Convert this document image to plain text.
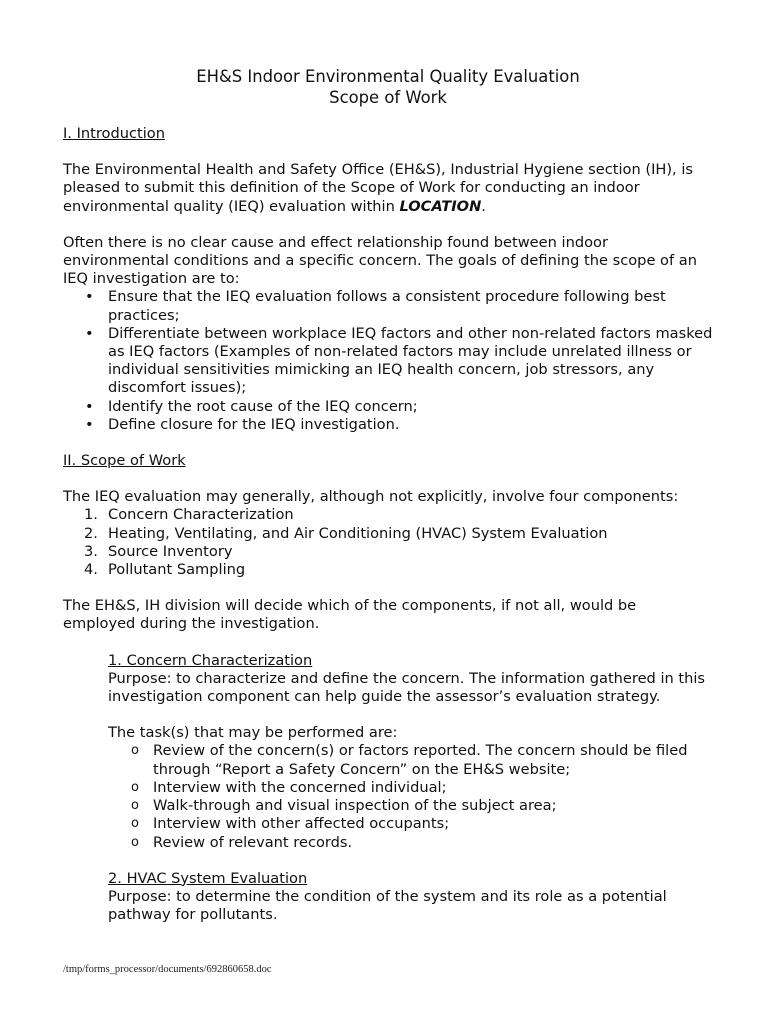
EH&S Indoor Environmental Quality Evaluation
Scope of Work
I. Introduction

The Environmental Health and Safety Office (EH&S), Industrial Hygiene section (IH), is pleased to submit this definition of the Scope of Work for conducting an indoor environmental quality (IEQ) evaluation within LOCATION.

Often there is no clear cause and effect relationship found between indoor environmental conditions and a specific concern. The goals of defining the scope of an IEQ investigation are to:

• Ensure that the IEQ evaluation follows a consistent procedure following best practices;
• Differentiate between workplace IEQ factors and other non-related factors masked as IEQ factors (Examples of non-related factors may include unrelated illness or individual sensitivities mimicking an IEQ health concern, job stressors, any discomfort issues);
• Identify the root cause of the IEQ concern;
• Define closure for the IEQ investigation.
II. Scope of Work

The IEQ evaluation may generally, although not explicitly, involve four components:

1. Concern Characterization
2. Heating, Ventilating, and Air Conditioning (HVAC) System Evaluation
3. Source Inventory
4. Pollutant Sampling

The EH&S, IH division will decide which of the components, if not all, would be employed during the investigation.

1. Concern Characterization

Purpose: to characterize and define the concern. The information gathered in this investigation component can help guide the assessor’s evaluation strategy.

The task(s) that may be performed are:

o Review of the concern(s) or factors reported. The concern should be filed through “Report a Safety Concern” on the EH&S website;
o Interview with the concerned individual;
o Walk-through and visual inspection of the subject area;
o Interview with other affected occupants;
o Review of relevant records.
2. HVAC System Evaluation

Purpose: to determine the condition of the system and its role as a potential pathway for pollutants.

/tmp/forms_processor/documents/692860658.doc
